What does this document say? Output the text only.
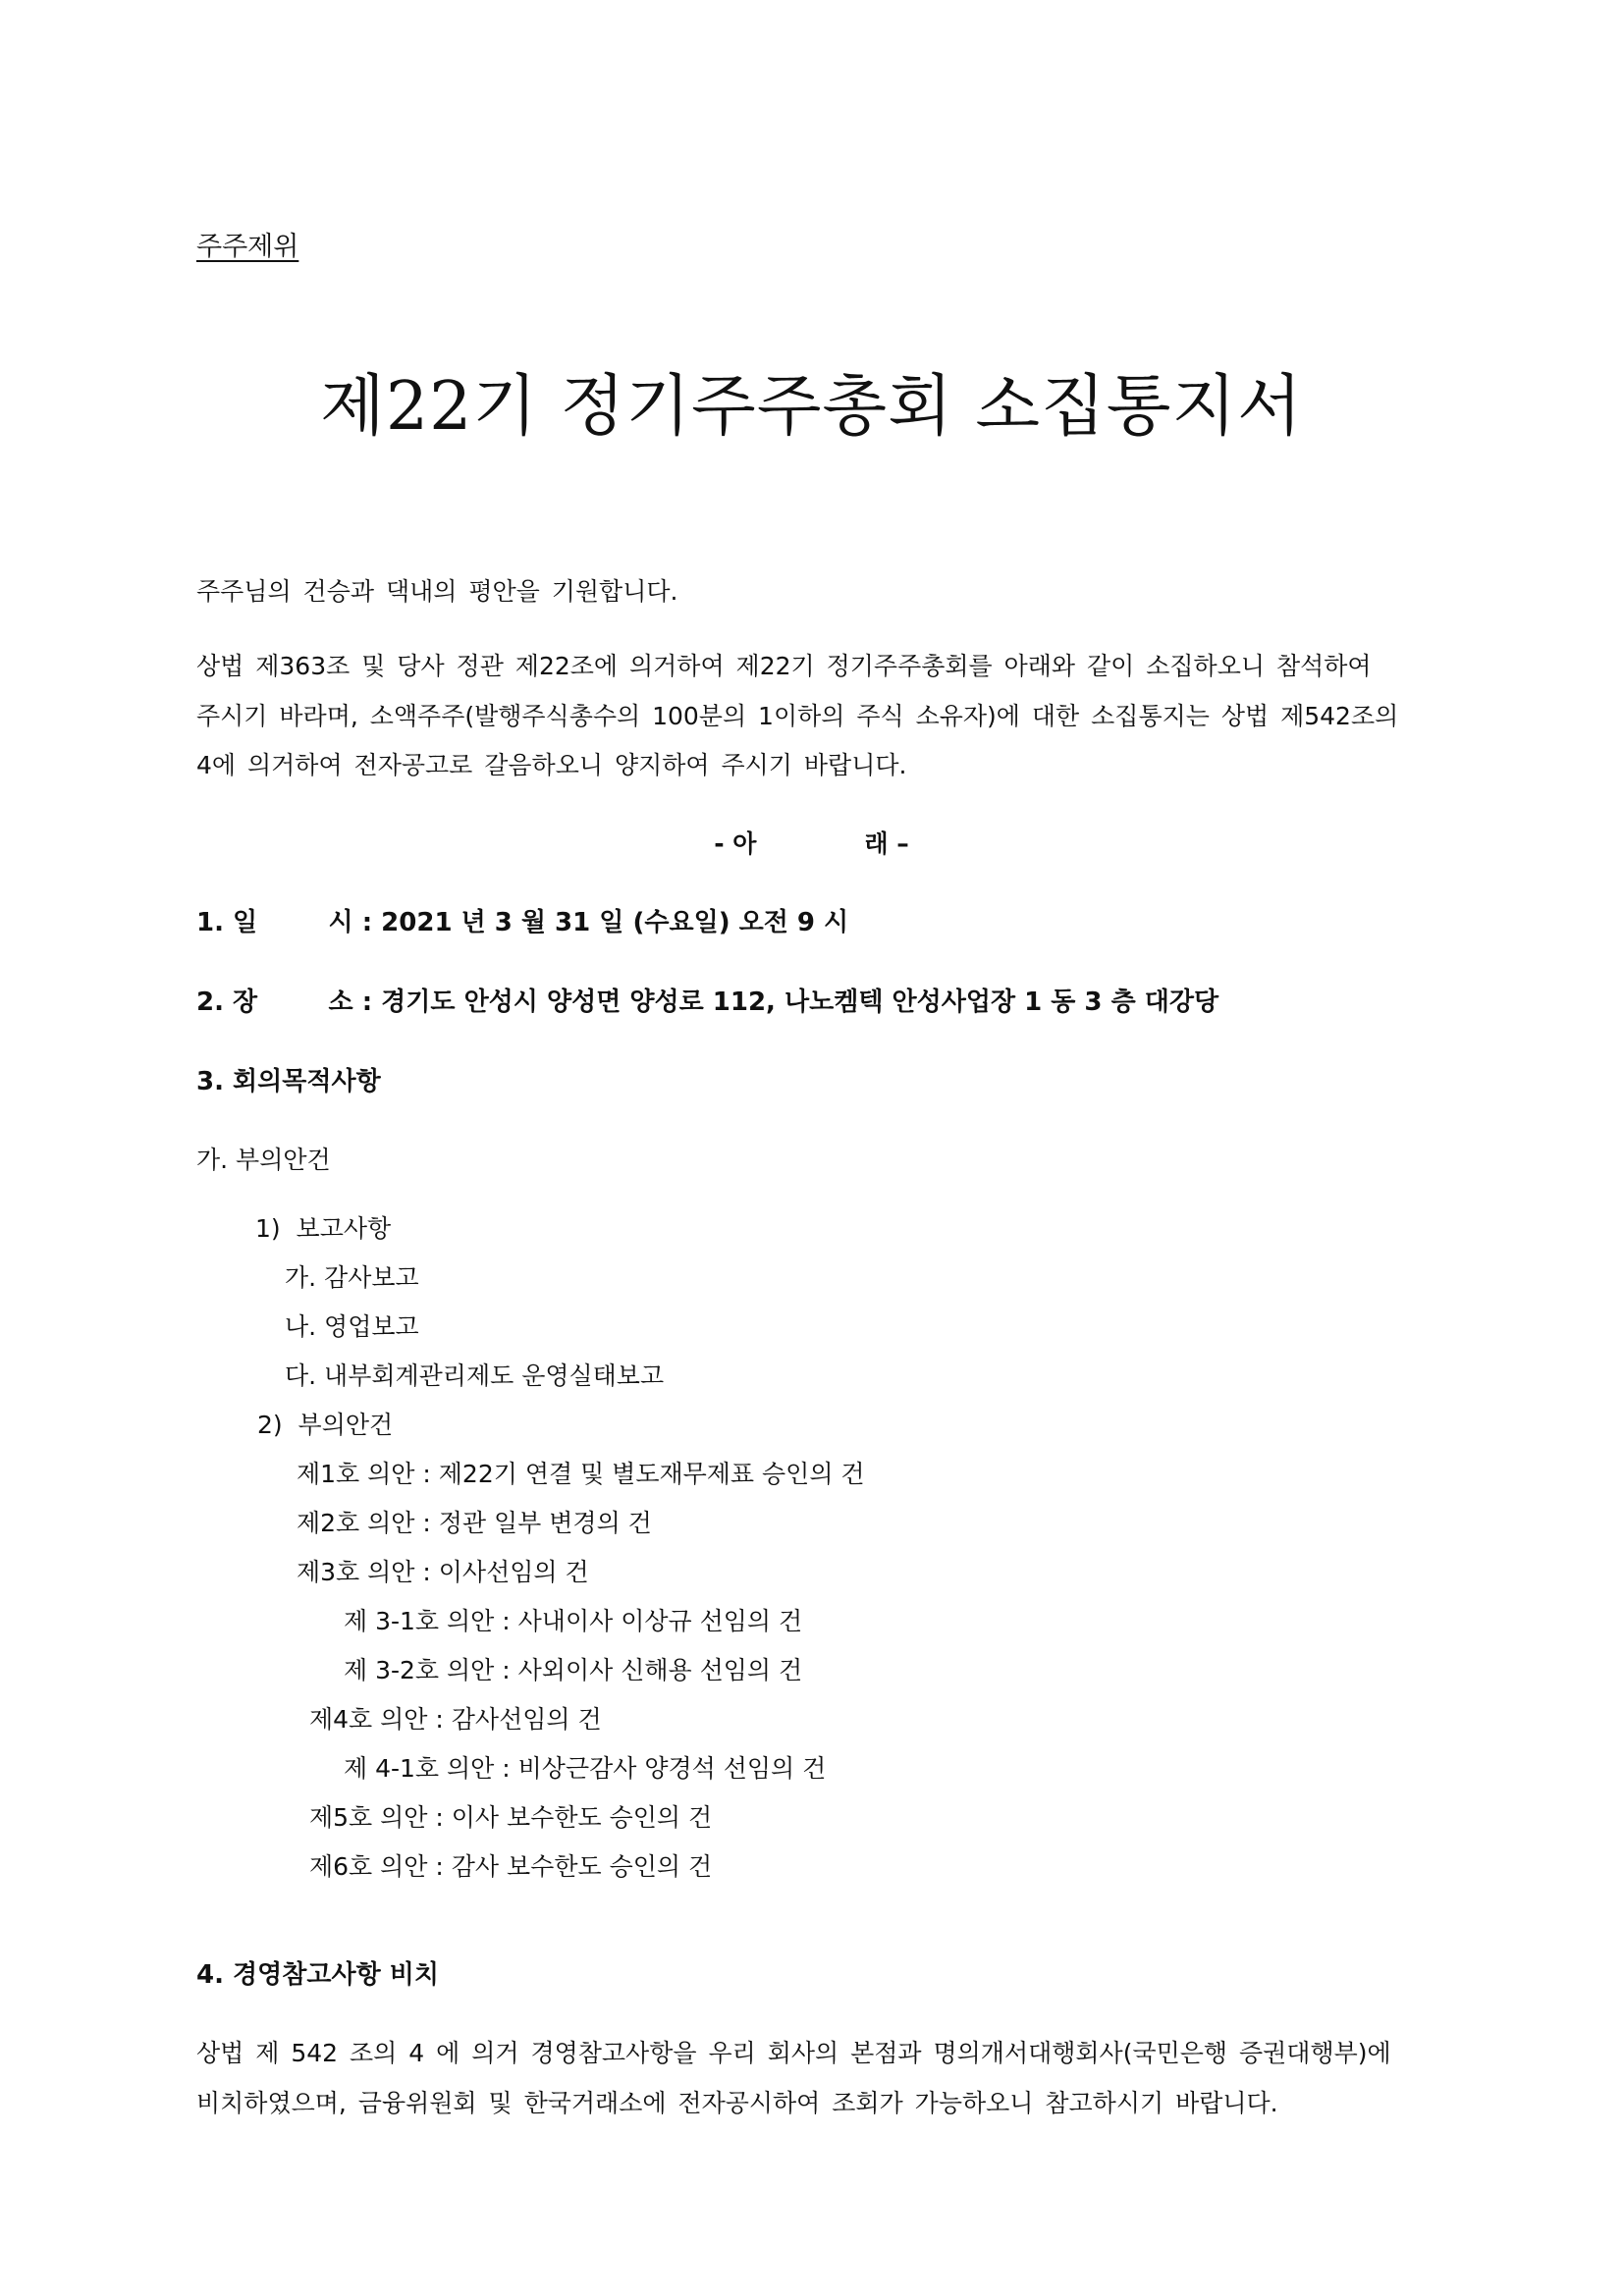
주주제위
제22기 정기주주총회 소집통지서
주주님의 건승과 댁내의 평안을 기원합니다.
상법 제363조 및 당사 정관 제22조에 의거하여 제22기 정기주주총회를 아래와 같이 소집하오니 참석하여
주시기 바라며, 소액주주(발행주식총수의 100분의 1이하의 주식 소유자)에 대한 소집통지는 상법 제542조의
4에 의거하여 전자공고로 갈음하오니 양지하여 주시기 바랍니다.
- 아	래 –
1. 일        시 : 2021 년 3 월 31 일 (수요일) 오전 9 시
2. 장        소 : 경기도 안성시 양성면 양성로 112, 나노켐텍 안성사업장 1 동 3 층 대강당
3. 회의목적사항
가. 부의안건
1)  보고사항
가. 감사보고
나. 영업보고
다. 내부회계관리제도 운영실태보고
2)  부의안건
제1호 의안 : 제22기 연결 및 별도재무제표 승인의 건
제2호 의안 : 정관 일부 변경의 건
제3호 의안 : 이사선임의 건
제 3-1호 의안 : 사내이사 이상규 선임의 건
제 3-2호 의안 : 사외이사 신해용 선임의 건
제4호 의안 : 감사선임의 건
제 4-1호 의안 : 비상근감사 양경석 선임의 건
제5호 의안 : 이사 보수한도 승인의 건
제6호 의안 : 감사 보수한도 승인의 건
4. 경영참고사항 비치
상법 제 542 조의 4 에 의거 경영참고사항을 우리 회사의 본점과 명의개서대행회사(국민은행 증권대행부)에
비치하였으며, 금융위원회 및 한국거래소에 전자공시하여 조회가 가능하오니 참고하시기 바랍니다.
